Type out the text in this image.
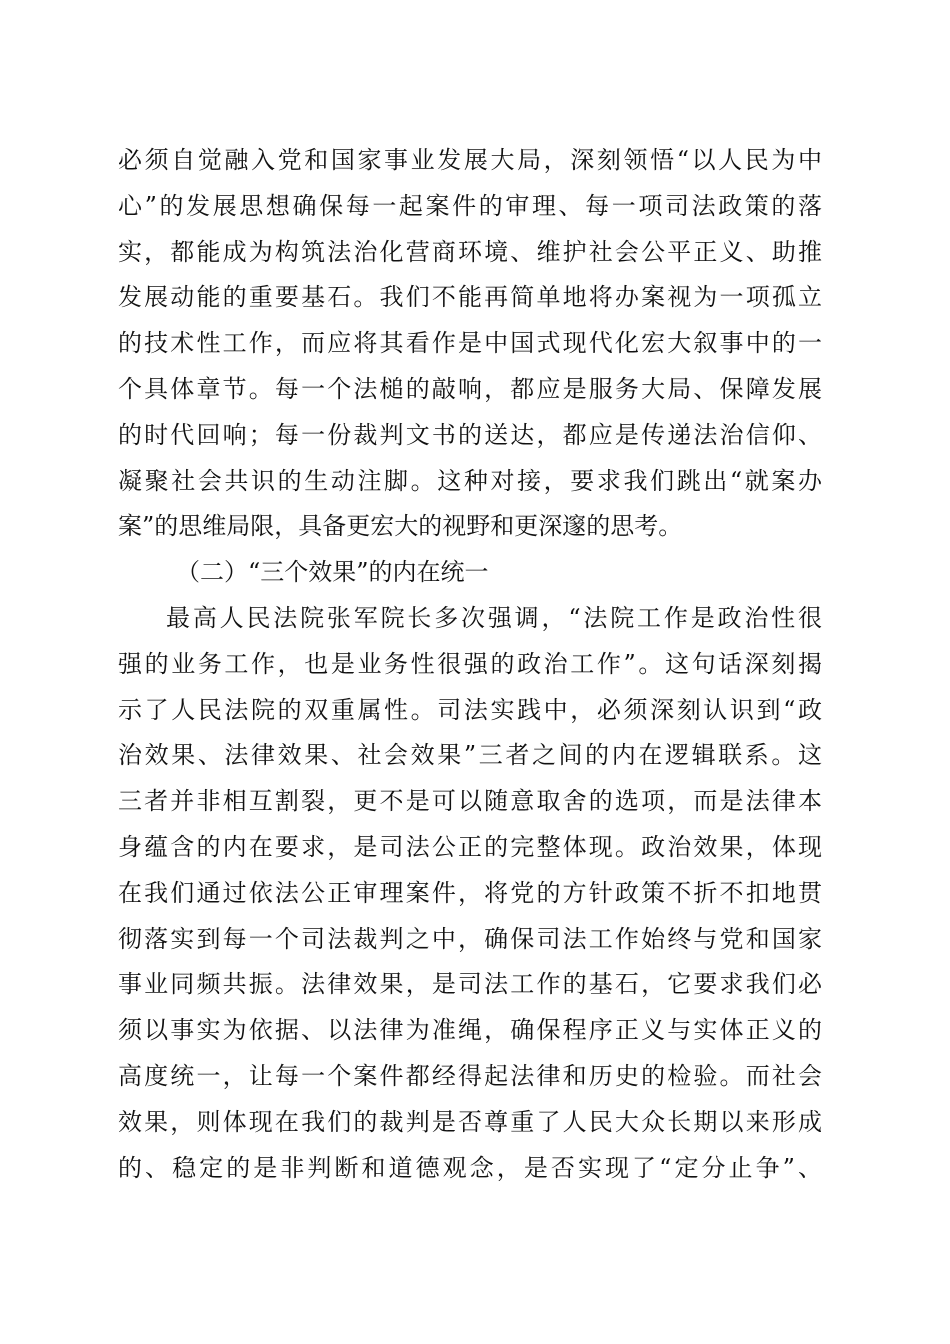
必须自觉融入党和国家事业发展大局，深刻领悟“以人民为中
心”的发展思想确保每一起案件的审理、每一项司法政策的落
实，都能成为构筑法治化营商环境、维护社会公平正义、助推
发展动能的重要基石。我们不能再简单地将办案视为一项孤立
的技术性工作，而应将其看作是中国式现代化宏大叙事中的一
个具体章节。每一个法槌的敲响，都应是服务大局、保障发展
的时代回响；每一份裁判文书的送达，都应是传递法治信仰、
凝聚社会共识的生动注脚。这种对接，要求我们跳出“就案办
案”的思维局限，具备更宏大的视野和更深邃的思考。
（二）“三个效果”的内在统一
最高人民法院张军院长多次强调，“法院工作是政治性很
强的业务工作，也是业务性很强的政治工作”。这句话深刻揭
示了人民法院的双重属性。司法实践中，必须深刻认识到“政
治效果、法律效果、社会效果”三者之间的内在逻辑联系。这
三者并非相互割裂，更不是可以随意取舍的选项，而是法律本
身蕴含的内在要求，是司法公正的完整体现。政治效果，体现
在我们通过依法公正审理案件，将党的方针政策不折不扣地贯
彻落实到每一个司法裁判之中，确保司法工作始终与党和国家
事业同频共振。法律效果，是司法工作的基石，它要求我们必
须以事实为依据、以法律为准绳，确保程序正义与实体正义的
高度统一，让每一个案件都经得起法律和历史的检验。而社会
效果，则体现在我们的裁判是否尊重了人民大众长期以来形成
的、稳定的是非判断和道德观念，是否实现了“定分止争”、
